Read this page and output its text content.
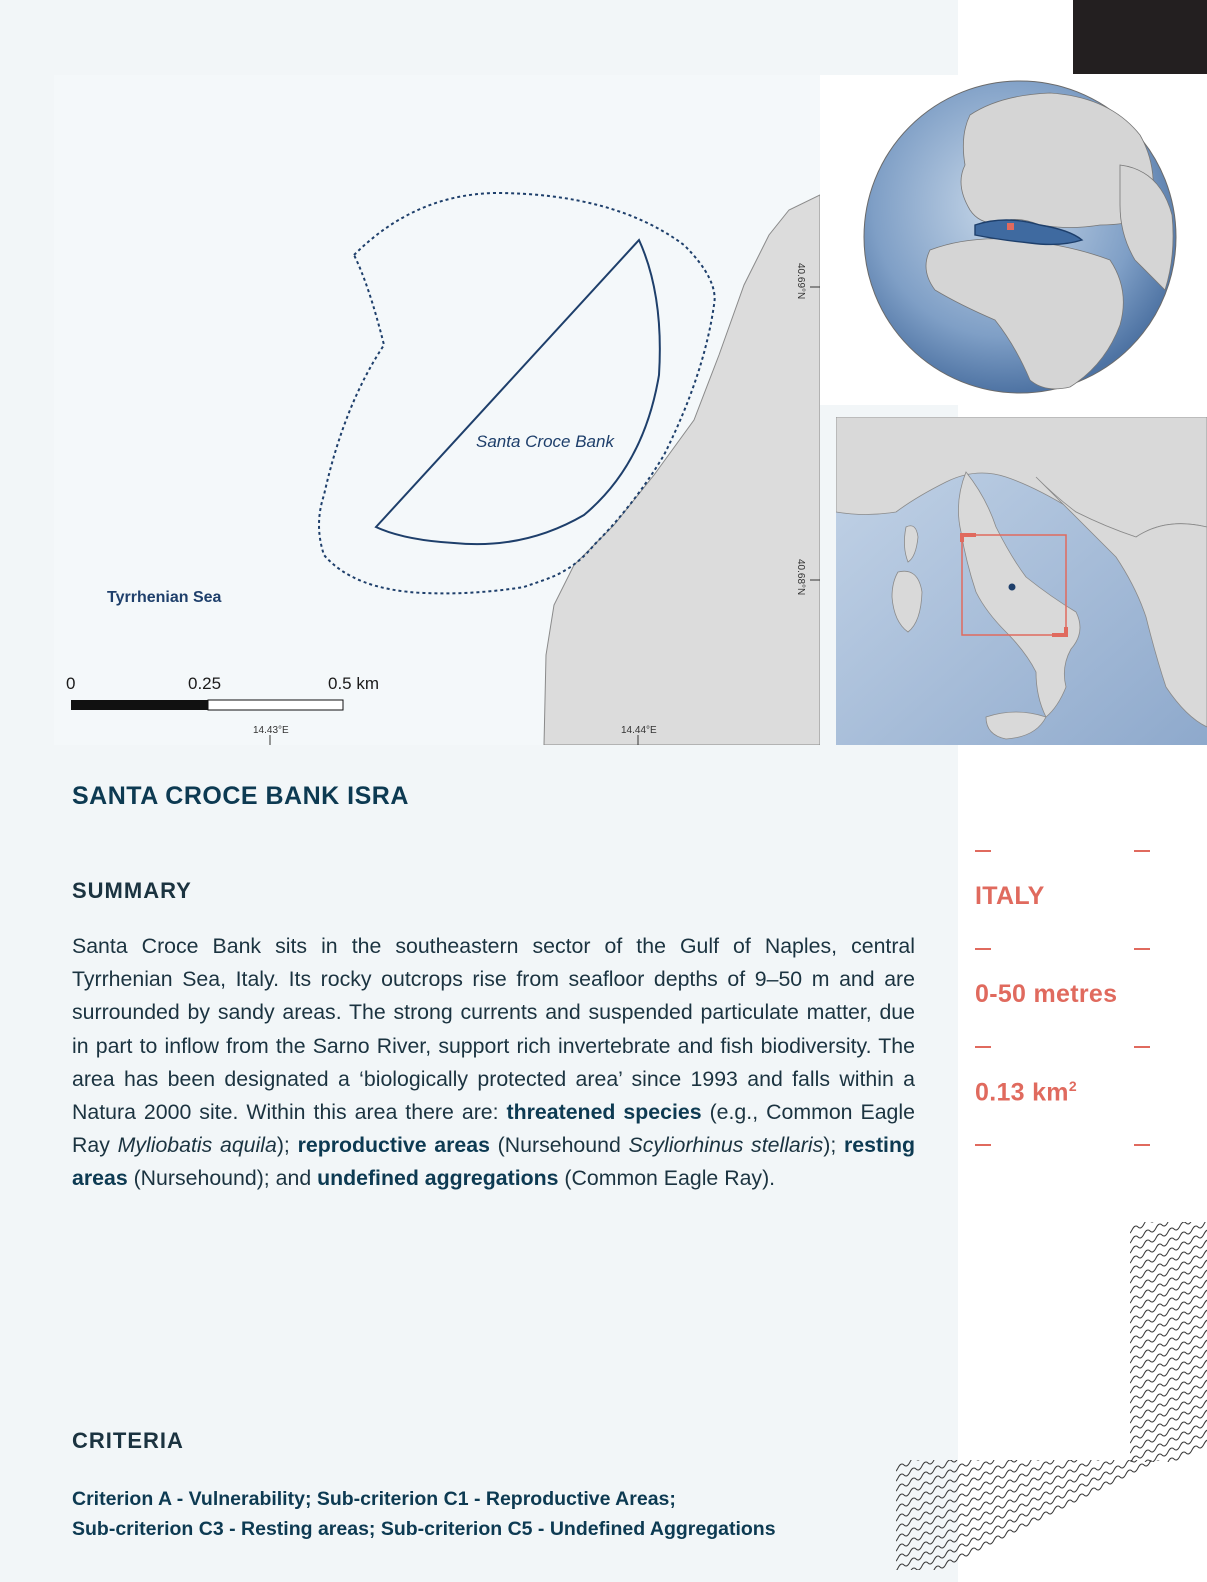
Santa Croce Bank
Tyrrhenian Sea
0	0.25	0.5 km
14.43°E	14.44°E
40.69°N
40.68°N
SANTA CROCE BANK ISRA
SUMMARY

Santa Croce Bank sits in the southeastern sector of the Gulf of Naples, central Tyrrhenian Sea, Italy. Its rocky outcrops rise from seafloor depths of 9–50 m and are surrounded by sandy areas. The strong currents and suspended particulate matter, due in part to inflow from the Sarno River, support rich invertebrate and fish biodiversity. The area has been designated a ‘biologically protected area’ since 1993 and falls within a Natura 2000 site. Within this area there are: threatened species (e.g., Common Eagle Ray Myliobatis aquila); reproductive areas (Nursehound Scyliorhinus stellaris); resting areas (Nursehound); and undefined aggregations (Common Eagle Ray).

CRITERIA

Criterion A - Vulnerability; Sub-criterion C1 - Reproductive Areas;
Sub-criterion C3 - Resting areas; Sub-criterion C5 - Undefined Aggregations

ITALY
0-50 metres
0.13 $km^2$
